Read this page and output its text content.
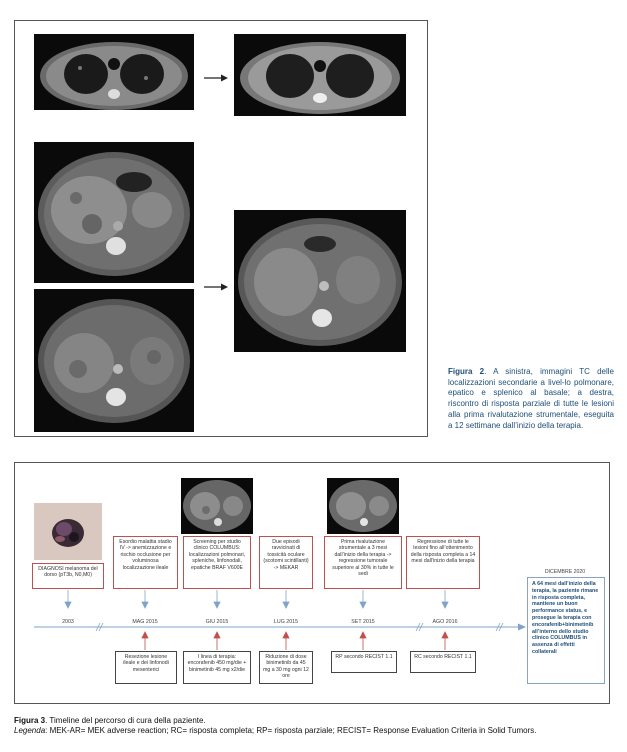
Figura 2. A sinistra, immagini TC delle localizzazioni secondarie a livel-lo polmonare, epatico e splenico al basale; a destra, riscontro di risposta parziale di tutte le lesioni alla prima rivalutazione strumentale, eseguita a 12 settimane dall’inizio della terapia.
DIAGNOSI melanoma del dorso (pT3b, N0,M0)
Esordio malattia stadio IV -> anemizzazione e rischio occlusione per voluminosa localizzazione ileale
Screening per studio clinico COLUMBUS: localizzazioni polmonari, spleniche, linfonodali, epatiche BRAF V600E
Due episodi ravvicinati di tossicità oculare (scotomi scintillanti) -> MEKAR
Prima rivalutazione strumentale a 3 mesi dall’inizio della terapia -> regressione tumorale superiore al 30% in tutte le sedi
Regressione di tutte le lesioni fino all’ottenimento della risposta completa a 14 mesi dall’inizio della terapia
2003	MAG 2015	GIU 2015	LUG 2015	SET 2015	AGO 2016
Resezione lesione ileale e dei linfonodi mesenterici
I linea di terapia: encorafenib 450 mg/die + binimetinib 45 mg x2/die
Riduzione di dose binimetinib da 45 mg a 30 mg ogni 12 ore
RP secondo RECIST 1.1	RC secondo RECIST 1.1
DICEMBRE 2020
A 64 mesi dall’inizio della terapia, la paziente rimane in risposta completa, mantiene un buon performance status, e prosegue la terapia con encorafenib+binimetinib all’interno dello studio clinico COLUMBUS in assenza di effetti collaterali
Figura 3. Timeline del percorso di cura della paziente.
Legenda: MEK-AR= MEK adverse reaction; RC= risposta completa; RP= risposta parziale; RECIST= Response Evaluation Criteria in Solid Tumors.
